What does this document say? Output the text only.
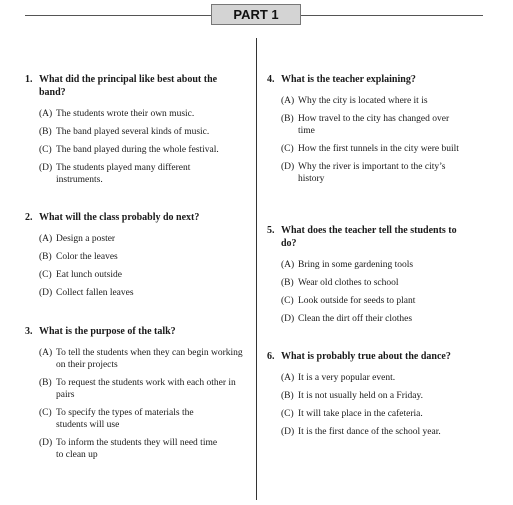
PART 1
1. What did the principal like best about the band?
(A) The students wrote their own music.
(B) The band played several kinds of music.
(C) The band played during the whole festival.
(D) The students played many different instruments.
2. What will the class probably do next?
(A) Design a poster
(B) Color the leaves
(C) Eat lunch outside
(D) Collect fallen leaves
3. What is the purpose of the talk?
(A) To tell the students when they can begin working on their projects
(B) To request the students work with each other in pairs
(C) To specify the types of materials the students will use
(D) To inform the students they will need time to clean up
4. What is the teacher explaining?
(A) Why the city is located where it is
(B) How travel to the city has changed over time
(C) How the first tunnels in the city were built
(D) Why the river is important to the city’s history
5. What does the teacher tell the students to do?
(A) Bring in some gardening tools
(B) Wear old clothes to school
(C) Look outside for seeds to plant
(D) Clean the dirt off their clothes
6. What is probably true about the dance?
(A) It is a very popular event.
(B) It is not usually held on a Friday.
(C) It will take place in the cafeteria.
(D) It is the first dance of the school year.
